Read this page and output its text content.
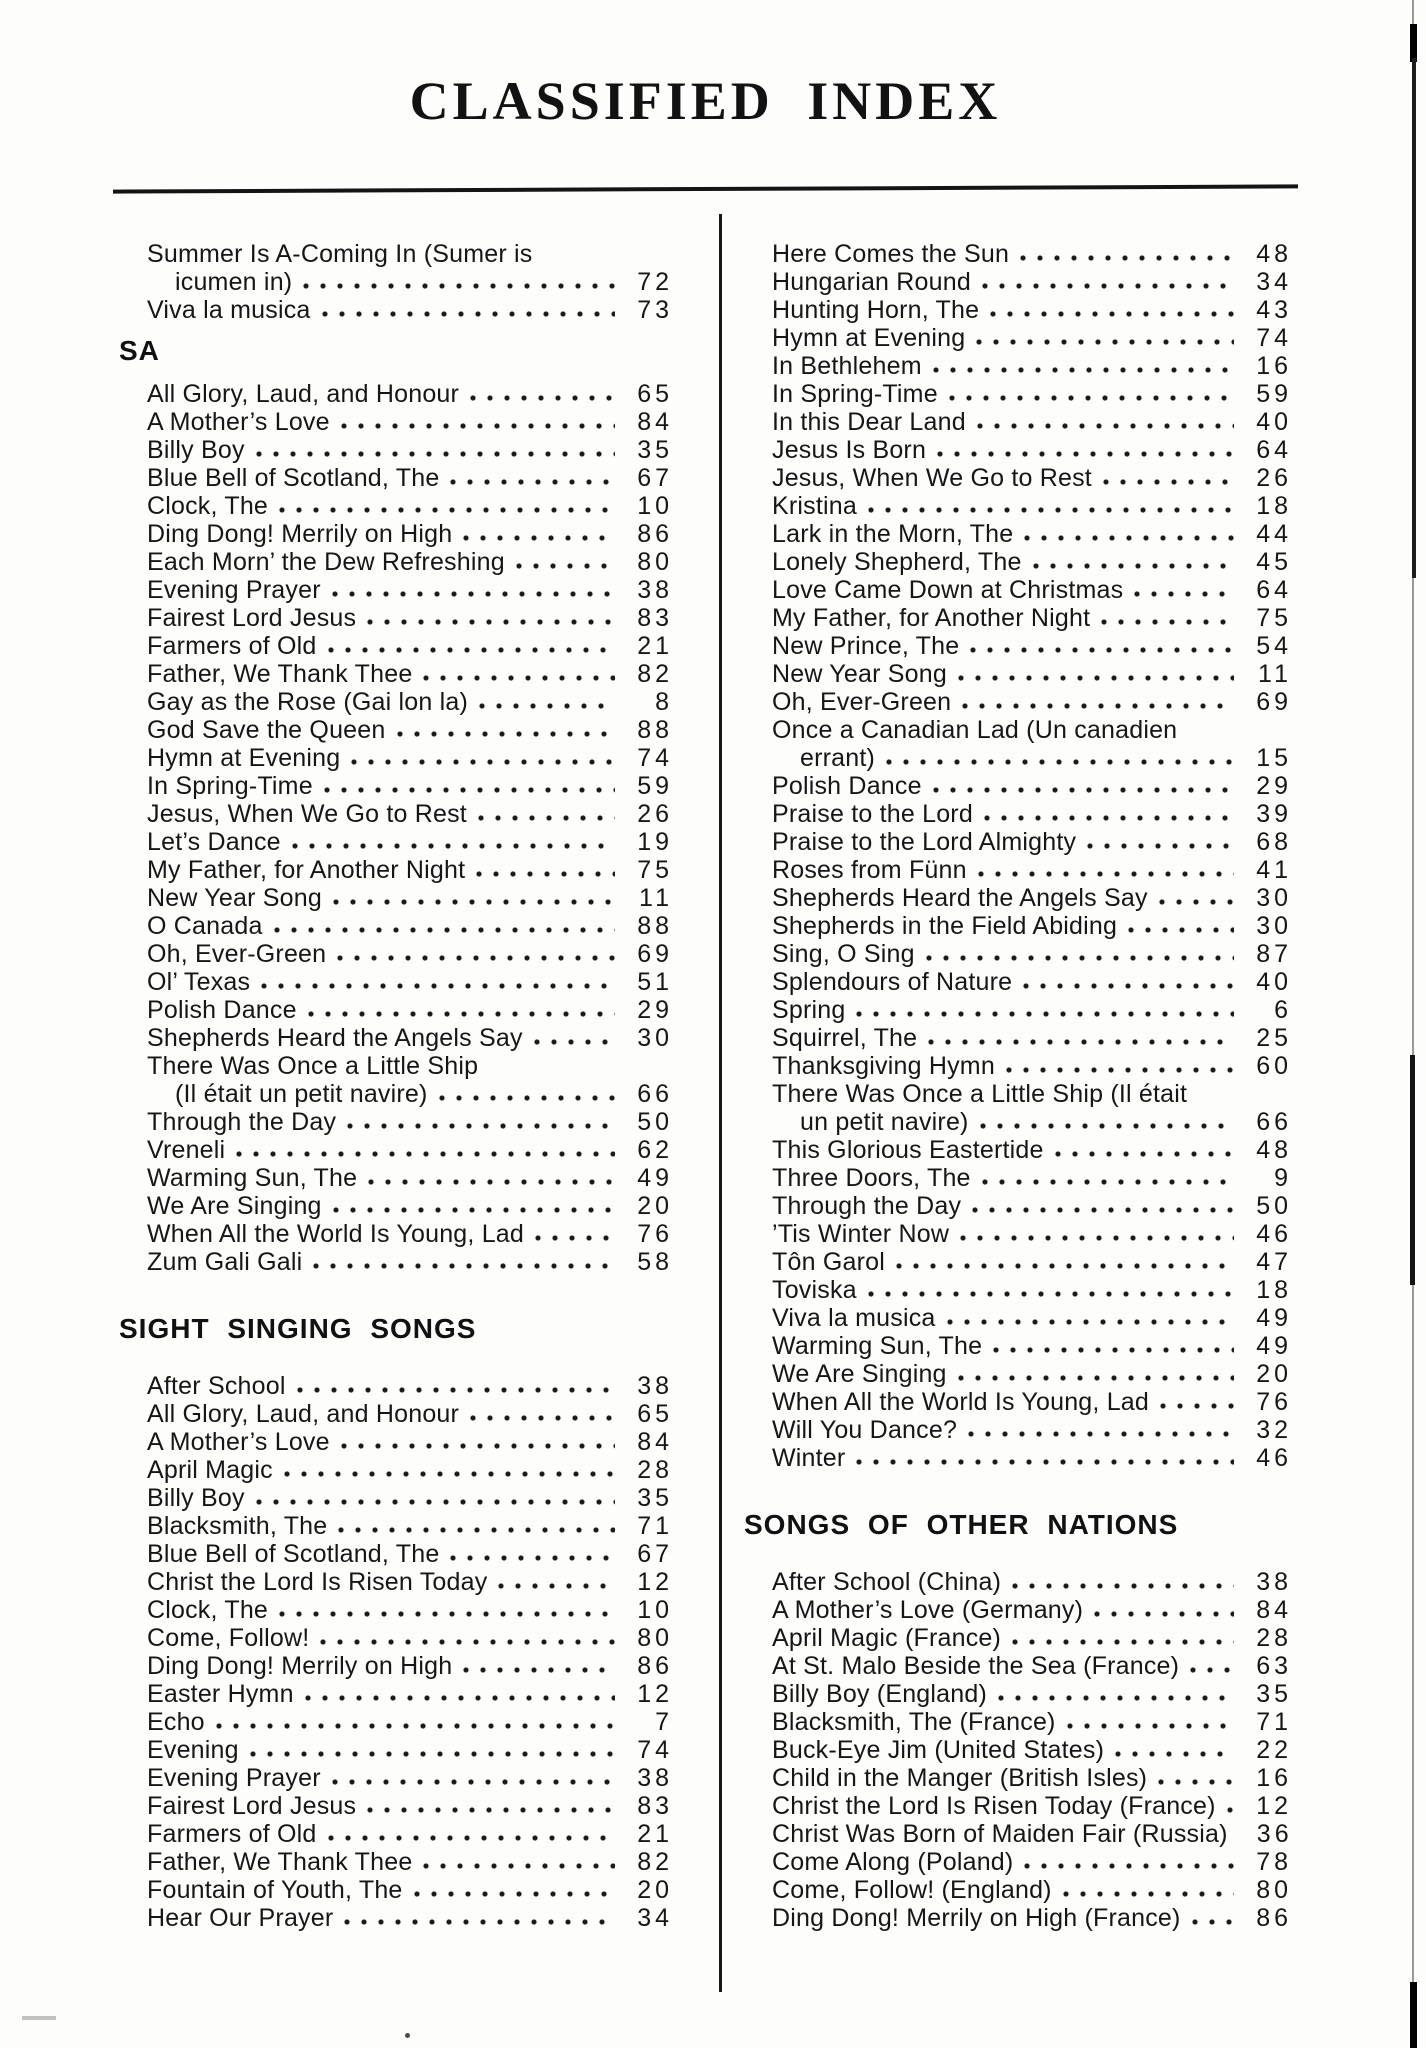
CLASSIFIED INDEX
Summer Is A-Coming In (Sumer is
icumen in)	72
Viva la musica	73
SA
All Glory, Laud, and Honour	65
A Mother’s Love	84
Billy Boy	35
Blue Bell of Scotland, The	67
Clock, The	10
Ding Dong! Merrily on High	86
Each Morn’ the Dew Refreshing	80
Evening Prayer	38
Fairest Lord Jesus	83
Farmers of Old	21
Father, We Thank Thee	82
Gay as the Rose (Gai lon la)	8
God Save the Queen	88
Hymn at Evening	74
In Spring-Time	59
Jesus, When We Go to Rest	26
Let’s Dance	19
My Father, for Another Night	75
New Year Song	11
O Canada	88
Oh, Ever-Green	69
Ol’ Texas	51
Polish Dance	29
Shepherds Heard the Angels Say	30
There Was Once a Little Ship
(Il était un petit navire)	66
Through the Day	50
Vreneli	62
Warming Sun, The	49
We Are Singing	20
When All the World Is Young, Lad	76
Zum Gali Gali	58
SIGHT SINGING SONGS
After School	38
All Glory, Laud, and Honour	65
A Mother’s Love	84
April Magic	28
Billy Boy	35
Blacksmith, The	71
Blue Bell of Scotland, The	67
Christ the Lord Is Risen Today	12
Clock, The	10
Come, Follow!	80
Ding Dong! Merrily on High	86
Easter Hymn	12
Echo	7
Evening	74
Evening Prayer	38
Fairest Lord Jesus	83
Farmers of Old	21
Father, We Thank Thee	82
Fountain of Youth, The	20
Hear Our Prayer	34
Here Comes the Sun	48
Hungarian Round	34
Hunting Horn, The	43
Hymn at Evening	74
In Bethlehem	16
In Spring-Time	59
In this Dear Land	40
Jesus Is Born	64
Jesus, When We Go to Rest	26
Kristina	18
Lark in the Morn, The	44
Lonely Shepherd, The	45
Love Came Down at Christmas	64
My Father, for Another Night	75
New Prince, The	54
New Year Song	11
Oh, Ever-Green	69
Once a Canadian Lad (Un canadien
errant)	15
Polish Dance	29
Praise to the Lord	39
Praise to the Lord Almighty	68
Roses from Fünn	41
Shepherds Heard the Angels Say	30
Shepherds in the Field Abiding	30
Sing, O Sing	87
Splendours of Nature	40
Spring	6
Squirrel, The	25
Thanksgiving Hymn	60
There Was Once a Little Ship (Il était
un petit navire)	66
This Glorious Eastertide	48
Three Doors, The	9
Through the Day	50
’Tis Winter Now	46
Tôn Garol	47
Toviska	18
Viva la musica	49
Warming Sun, The	49
We Are Singing	20
When All the World Is Young, Lad	76
Will You Dance?	32
Winter	46
SONGS OF OTHER NATIONS
After School (China)	38
A Mother’s Love (Germany)	84
April Magic (France)	28
At St. Malo Beside the Sea (France)	63
Billy Boy (England)	35
Blacksmith, The (France)	71
Buck-Eye Jim (United States)	22
Child in the Manger (British Isles)	16
Christ the Lord Is Risen Today (France)	12
Christ Was Born of Maiden Fair (Russia)	36
Come Along (Poland)	78
Come, Follow! (England)	80
Ding Dong! Merrily on High (France)	86
